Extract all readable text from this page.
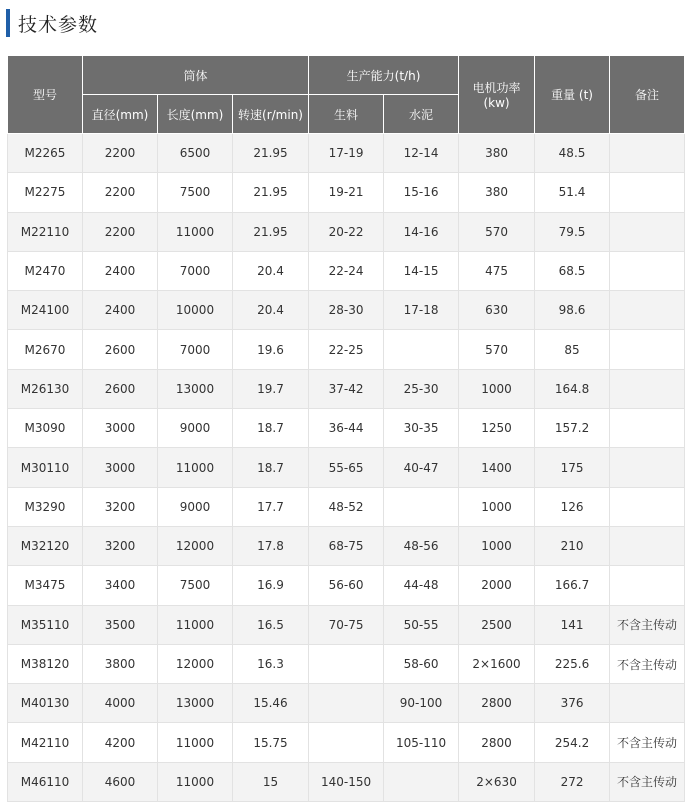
技术参数
型号	筒体			生产能力(t/h)		电机功率 (kw)	重量 (t)	备注
	直径(mm)	长度(mm)	转速(r/min)	生料	水泥			
M2265	2200	6500	21.95	17-19	12-14	380	48.5	
M2275	2200	7500	21.95	19-21	15-16	380	51.4	
M22110	2200	11000	21.95	20-22	14-16	570	79.5	
M2470	2400	7000	20.4	22-24	14-15	475	68.5	
M24100	2400	10000	20.4	28-30	17-18	630	98.6	
M2670	2600	7000	19.6	22-25		570	85	
M26130	2600	13000	19.7	37-42	25-30	1000	164.8	
M3090	3000	9000	18.7	36-44	30-35	1250	157.2	
M30110	3000	11000	18.7	55-65	40-47	1400	175	
M3290	3200	9000	17.7	48-52		1000	126	
M32120	3200	12000	17.8	68-75	48-56	1000	210	
M3475	3400	7500	16.9	56-60	44-48	2000	166.7	
M35110	3500	11000	16.5	70-75	50-55	2500	141	不含主传动
M38120	3800	12000	16.3		58-60	2×1600	225.6	不含主传动
M40130	4000	13000	15.46		90-100	2800	376	
M42110	4200	11000	15.75		105-110	2800	254.2	不含主传动
M46110	4600	11000	15	140-150		2×630	272	不含主传动
